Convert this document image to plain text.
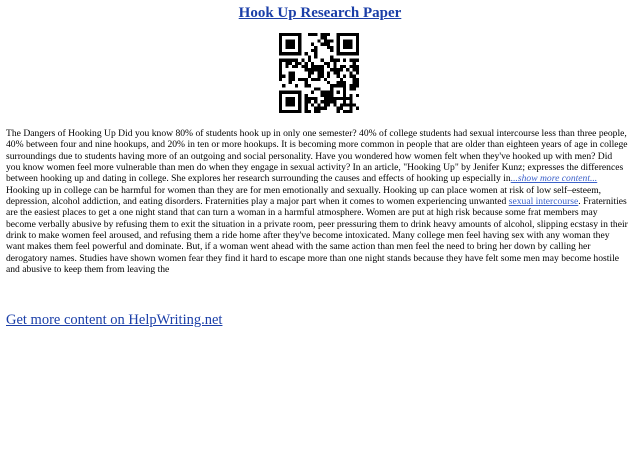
Hook Up Research Paper

The Dangers of Hooking Up Did you know 80% of students hook up in only one semester? 40% of college students had sexual intercourse less than three people, 40% between four and nine hookups, and 20% in ten or more hookups. It is becoming more common in people that are older than eighteen years of age in college surroundings due to students having more of an outgoing and social personality. Have you wondered how women felt when they've hooked up with men? Did you know women feel more vulnerable than men do when they engage in sexual activity? In an article, "Hooking Up" by Jenifer Kunz; expresses the differences between hooking up and dating in college. She explores her research surrounding the causes and effects of hooking up especially in...show more content...

Hooking up in college can be harmful for women than they are for men emotionally and sexually. Hooking up can place women at risk of low self–esteem, depression, alcohol addiction, and eating disorders. Fraternities play a major part when it comes to women experiencing unwanted sexual intercourse. Fraternities are the easiest places to get a one night stand that can turn a woman in a harmful atmosphere. Women are put at high risk because some frat members may become verbally abusive by refusing them to exit the situation in a private room, peer pressuring them to drink heavy amounts of alcohol, slipping ecstasy in their drink to make women feel aroused, and refusing them a ride home after they've become intoxicated. Many college men feel having sex with any woman they want makes them feel powerful and dominate. But, if a woman went ahead with the same action than men feel the need to bring her down by calling her derogatory names. Studies have shown women fear they find it hard to escape more than one night stands because they have felt some men may become hostile and abusive to keep them from leaving the

Get more content on HelpWriting.net
